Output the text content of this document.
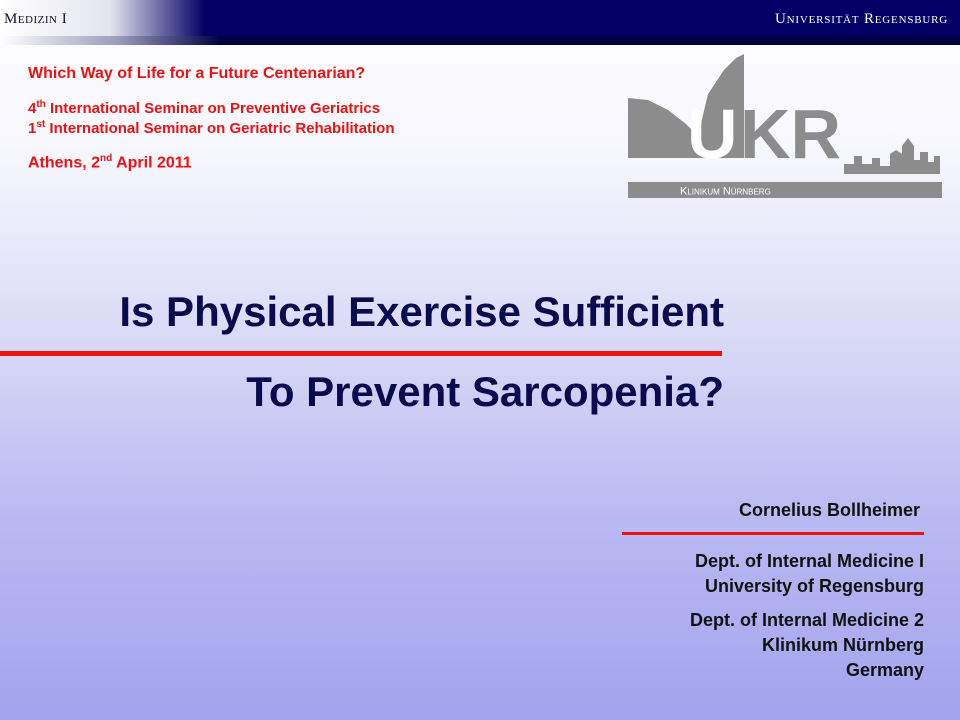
Medizin I	Universität Regensburg
Which Way of Life for a Future Centenarian?
4th International Seminar on Preventive Geriatrics
1st International Seminar on Geriatric Rehabilitation
Athens, 2nd April 2011	U KR
Klinikum Nürnberg
Is Physical Exercise Sufficient
To Prevent Sarcopenia?
Cornelius Bollheimer
Dept. of Internal Medicine I
University of Regensburg
Dept. of Internal Medicine 2
Klinikum Nürnberg
Germany
